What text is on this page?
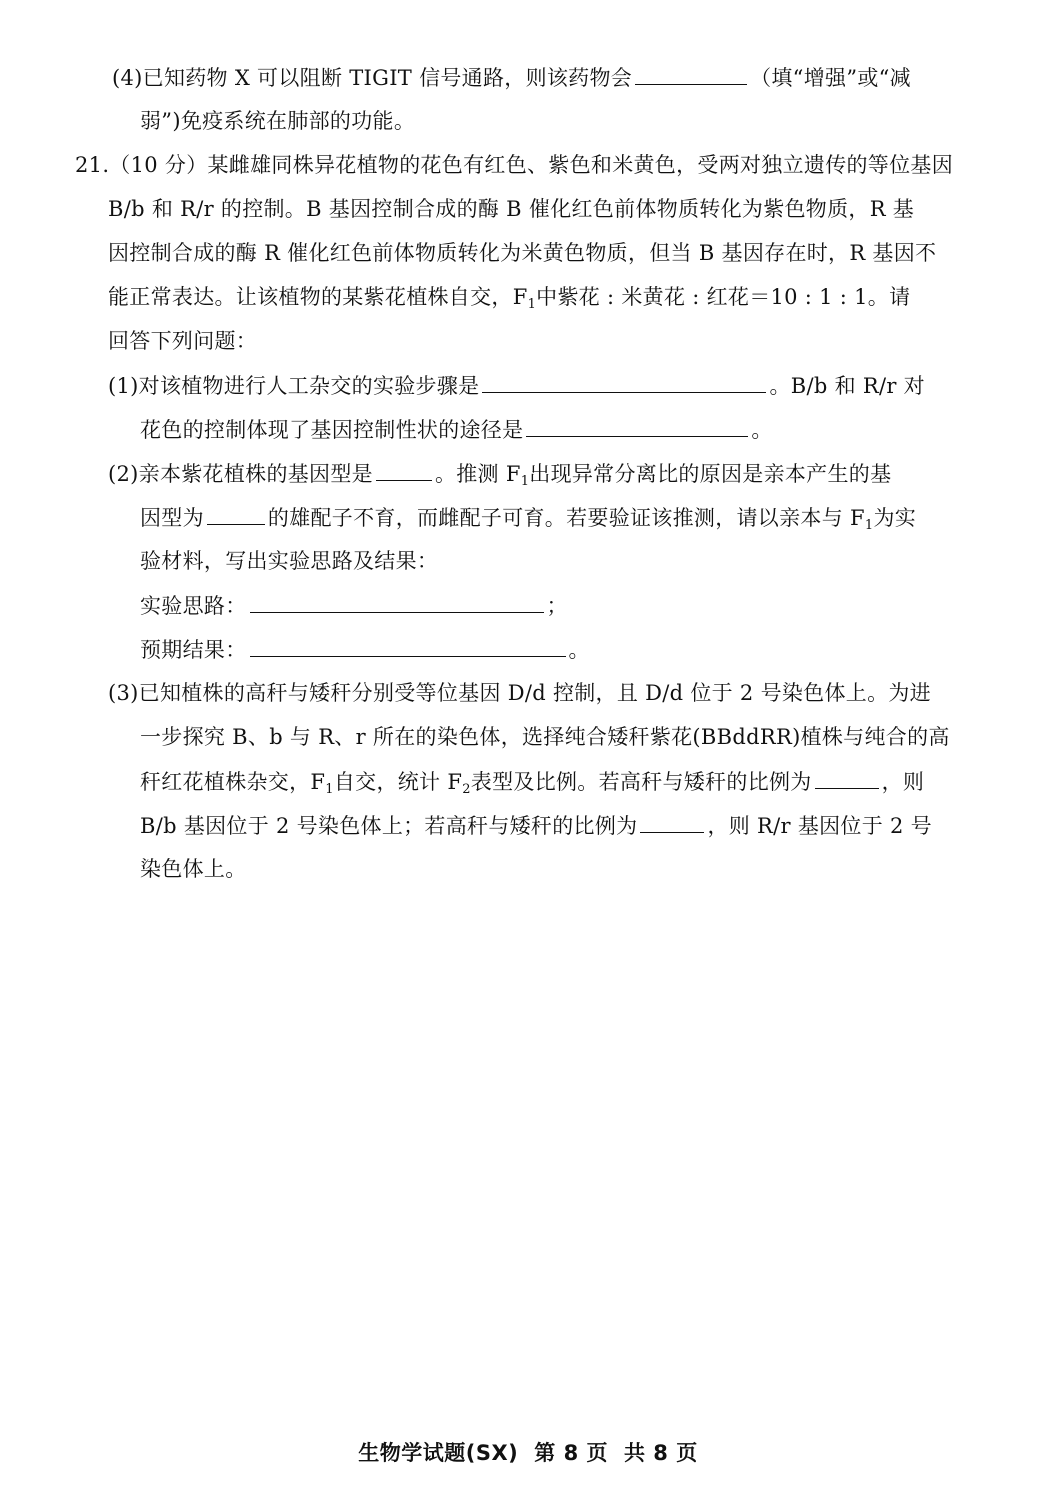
(4)已知药物 X 可以阻断 TIGIT 信号通路，则该药物会	（填“增强”或“减
弱”)免疫系统在肺部的功能。
21.（10 分）某雌雄同株异花植物的花色有红色、紫色和米黄色，受两对独立遗传的等位基因
B/b 和 R/r 的控制。B 基因控制合成的酶 B 催化红色前体物质转化为紫色物质，R 基
因控制合成的酶 R 催化红色前体物质转化为米黄色物质，但当 B 基因存在时，R 基因不
能正常表达。让该植物的某紫花植株自交，$F_1$中紫花 : 米黄花 : 红花＝10 : 1 : 1。请
回答下列问题：
(1)对该植物进行人工杂交的实验步骤是	。B/b 和 R/r 对
花色的控制体现了基因控制性状的途径是	。
(2)亲本紫花植株的基因型是	。推测 $F_1$出现异常分离比的原因是亲本产生的基
因型为	的雄配子不育，而雌配子可育。若要验证该推测，请以亲本与 $F_1$为实
验材料，写出实验思路及结果：
实验思路：	；
预期结果：	。
(3)已知植株的高秆与矮秆分别受等位基因 D/d 控制，且 D/d 位于 2 号染色体上。为进
一步探究 B、b 与 R、r 所在的染色体，选择纯合矮秆紫花(BBddRR)植株与纯合的高
秆红花植株杂交，$F_1$自交，统计 $F_2$表型及比例。若高秆与矮秆的比例为	，则
B/b 基因位于 2 号染色体上；若高秆与矮秆的比例为	，则 R/r 基因位于 2 号
染色体上。
生物学试题(SX) 第 8 页 共 8 页
